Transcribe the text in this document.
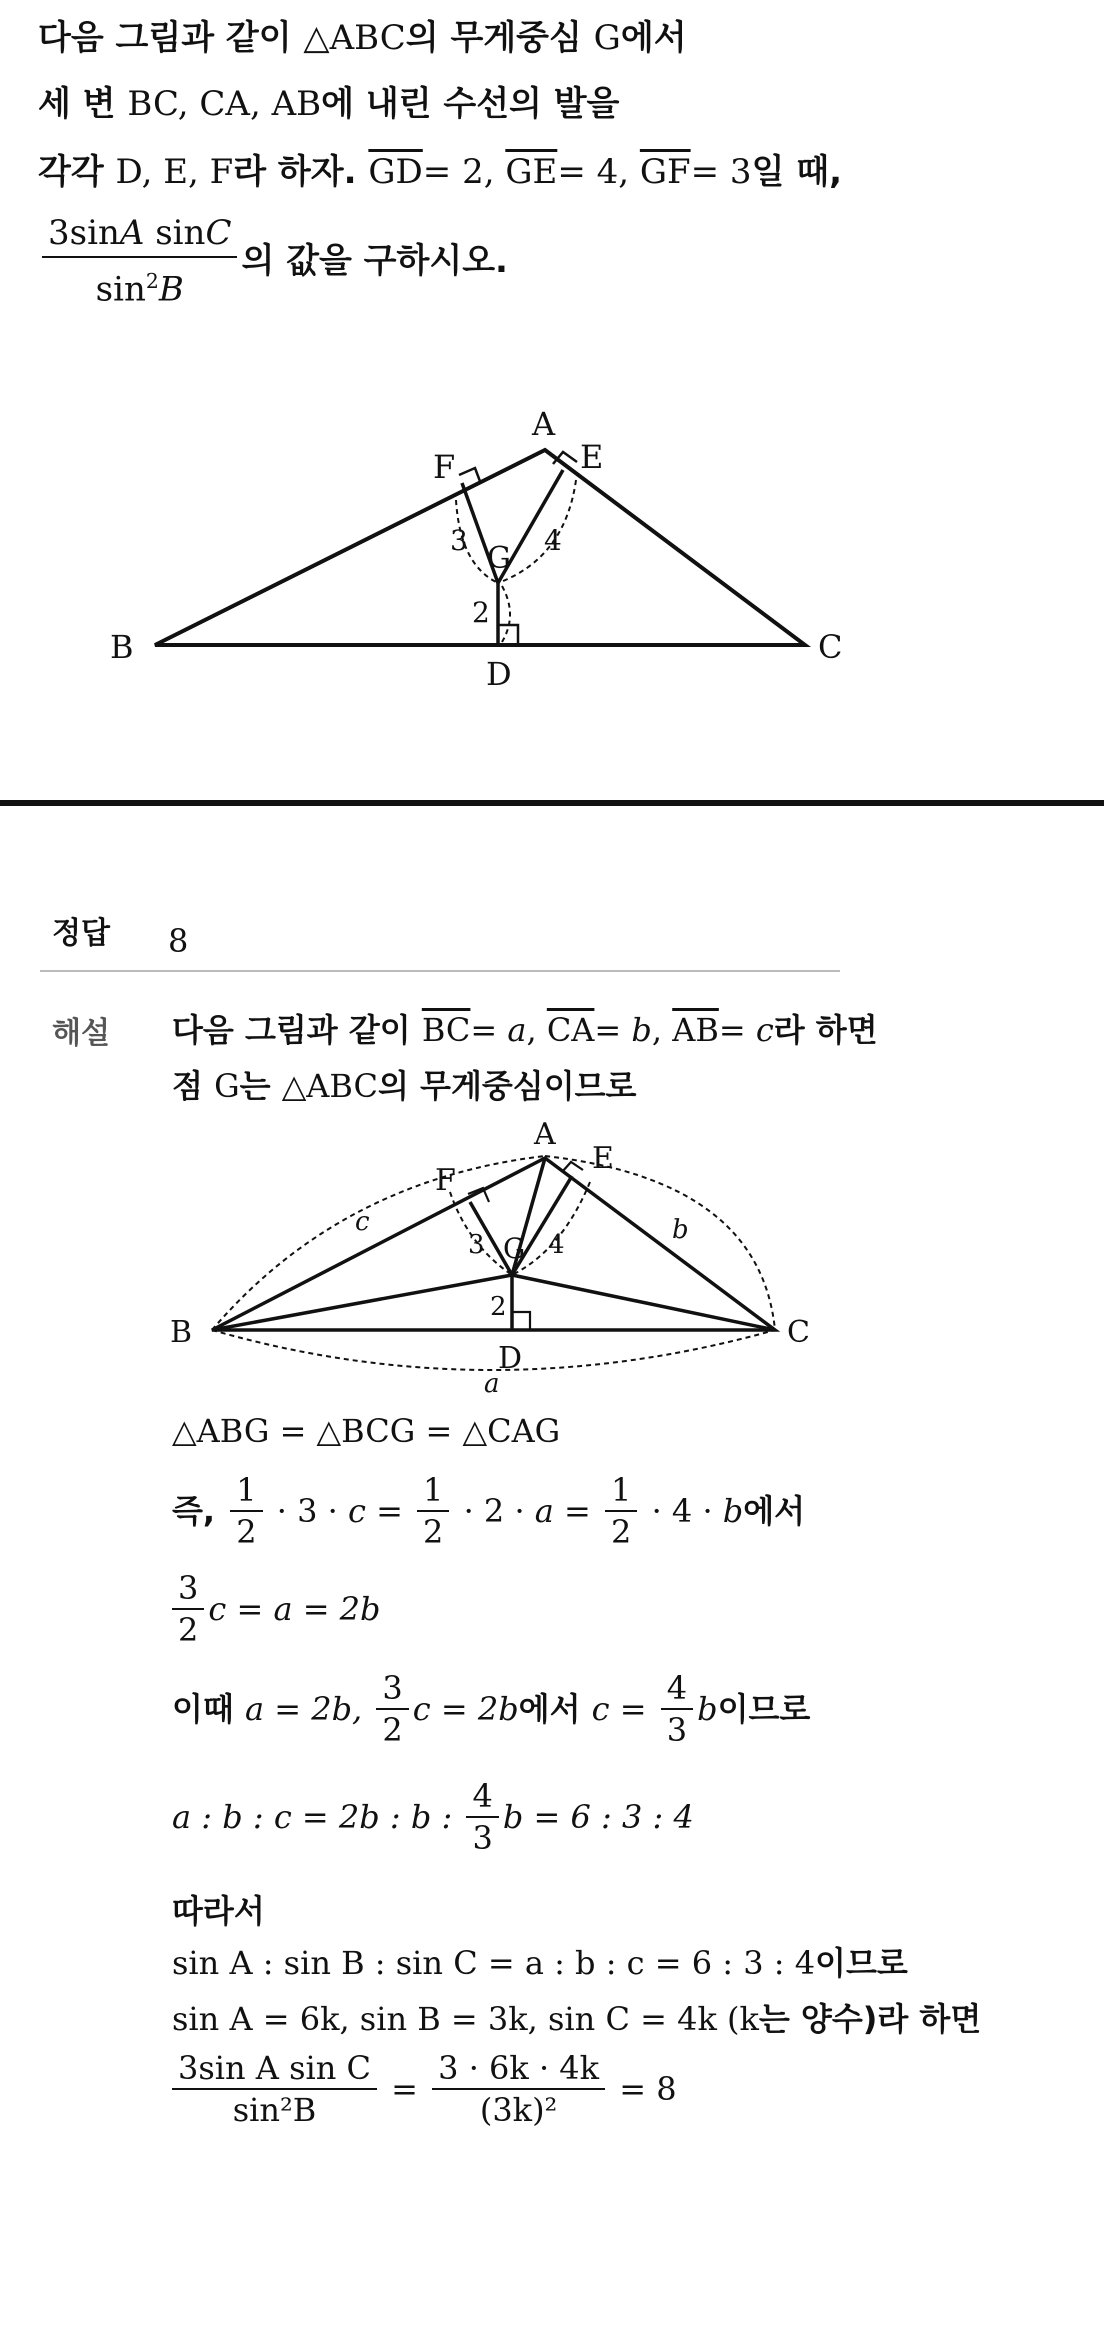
다음 그림과 같이 △ABC의 무게중심 G에서
세 변 BC, CA, AB에 내린 수선의 발을
각각 D, E, F라 하자. $\overline{GD}= 2$, $\overline{GE}= 4$, $\overline{GF}= 3$일 때,
$\frac{\text{3sinA sinC}}{\sin^2B}$ 의 값을 구하시오.
A
B	C
D
E
F
G
3	4
2
정답 8
해설 다음 그림과 같이 $\overline{BC}= a$, $\overline{CA}= b$, $\overline{AB}= c$라 하면
점 G는 △ABC의 무게중심이므로
A
B	C
D
E
F
G
3 4
2
a
b
c
△ABG = △BCG = △CAG
즉, $\frac{1}{2} \cdot 3 \cdot c = \frac{1}{2} \cdot 2 \cdot a = \frac{1}{2} \cdot 4 \cdot b$에서
$\frac{3}{2}$ c = a = 2b
이때 a = 2b, $\frac{3}{2}$ c = 2b에서 $c = \frac{4}{3}$ b이므로
a : b : c = 2b : b : $\frac{4}{3}$ b = 6 : 3 : 4
따라서
sin A : sin B : sin C = a : b : c = 6 : 3 : 4이므로
sin A = 6k, sin B = 3k, sin C = 4k (k는 양수)라 하면
$\frac{\text{3sin A sin C}}{\text{sin²B}} = \frac{3 \cdot 6k \cdot 4k}{\text{(3k)²}} = 8$
